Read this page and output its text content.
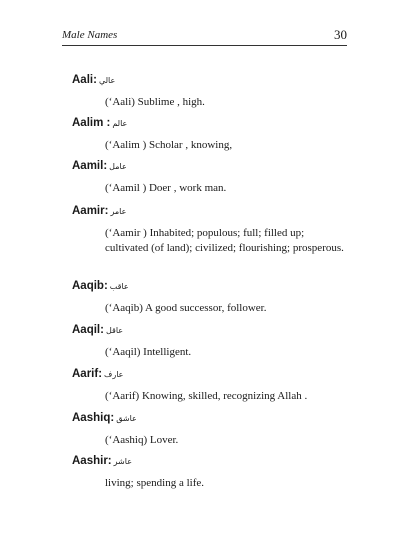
Male Names	30
Aali: عالي
(‘Aali) Sublime , high.
Aalim : عالم
(‘Aalim ) Scholar , knowing,
Aamil: عامل
(‘Aamil ) Doer , work man.
Aamir: عامر
(‘Aamir ) Inhabited; populous; full; filled up; cultivated (of land); civilized; flourishing; prosperous.
Aaqib: عاقب
(‘Aaqib) A good successor, follower.
Aaqil: عاقل
(‘Aaqil) Intelligent.
Aarif: عارف
(‘Aarif) Knowing, skilled, recognizing Allah .
Aashiq: عاشق
(‘Aashiq) Lover.
Aashir: عاشر
living; spending a life.
